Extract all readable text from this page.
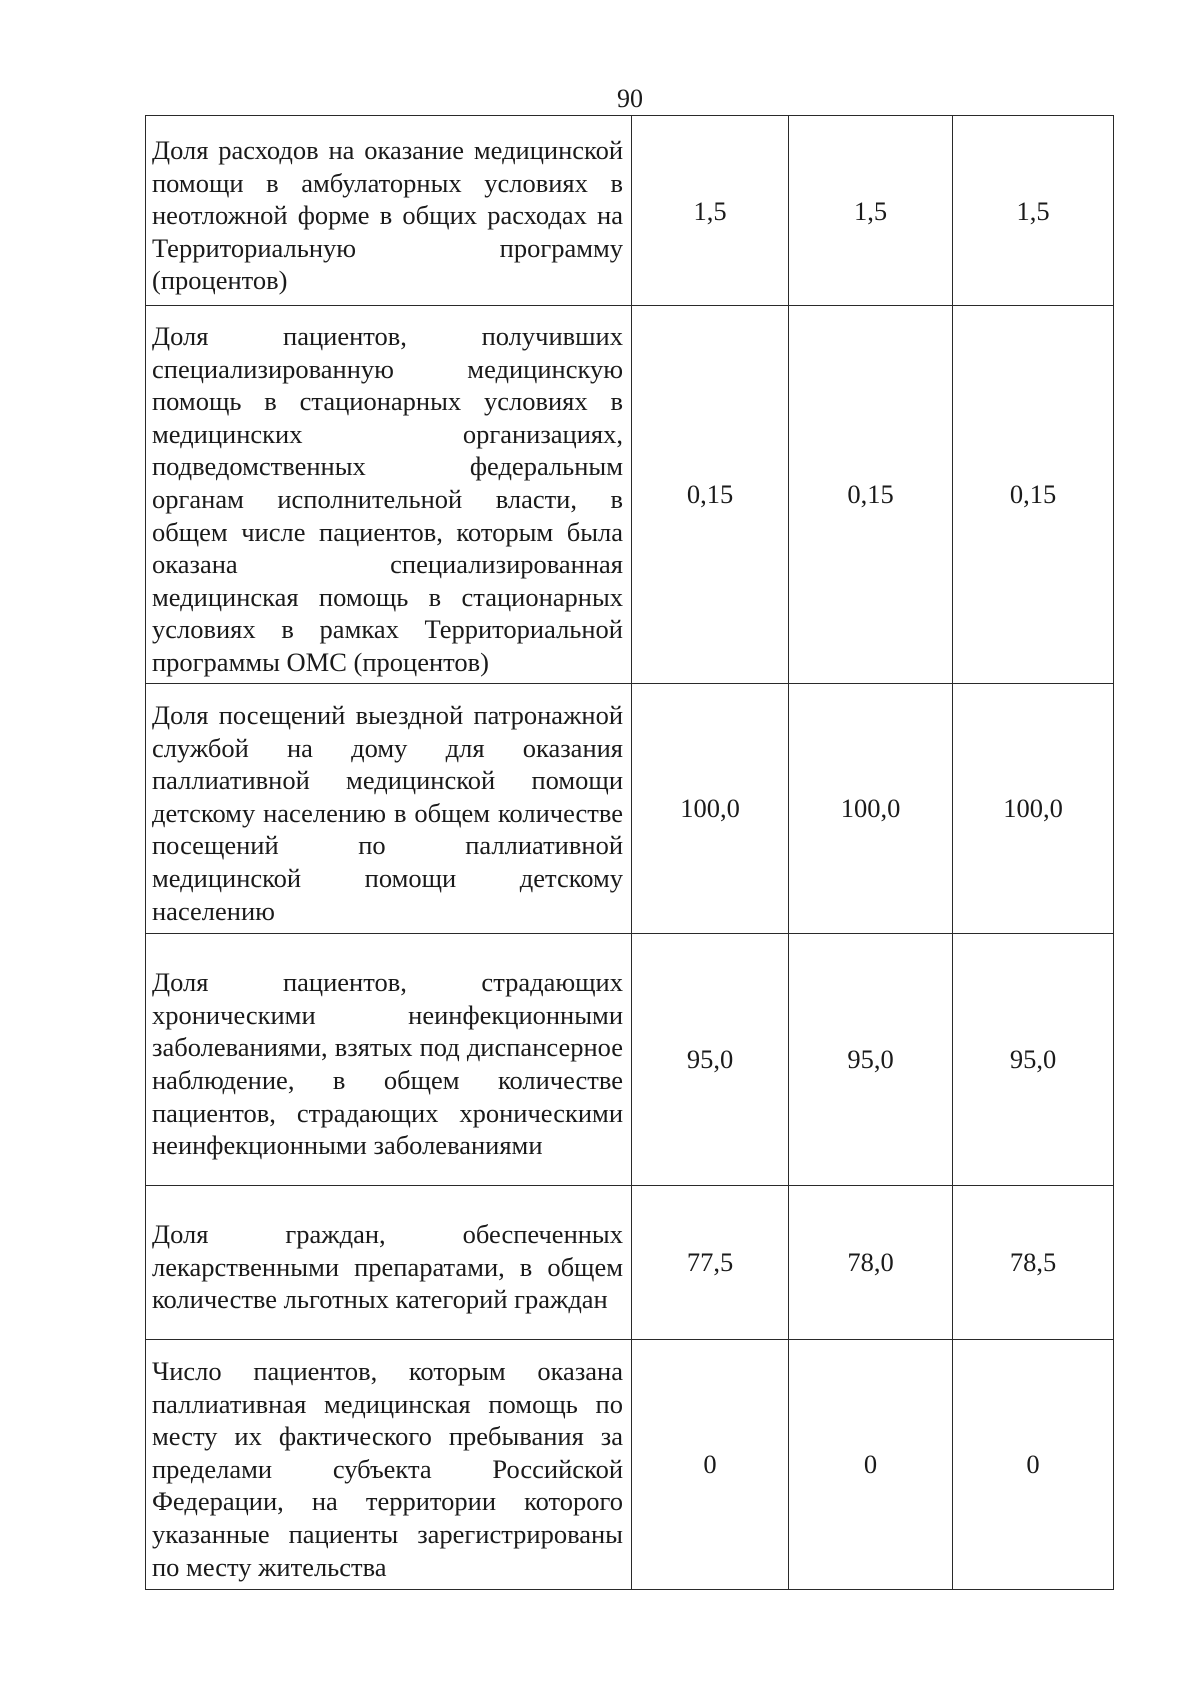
90
Доля расходов на оказание медицинской помощи в амбулаторных условиях в неотложной форме в общих расходах на Территориальную программу (процентов)	1,5	1,5	1,5
Доля пациентов, получивших специализированную медицинскую помощь в стационарных условиях в медицинских организациях, подведомственных федеральным органам исполнительной власти, в общем числе пациентов, которым была оказана специализированная медицинская помощь в стационарных условиях в рамках Территориальной программы ОМС (процентов)	0,15	0,15	0,15
Доля посещений выездной патронажной службой на дому для оказания паллиативной медицинской помощи детскому населению в общем количестве посещений по паллиативной медицинской помощи детскому населению	100,0	100,0	100,0
Доля пациентов, страдающих хроническими неинфекционными заболеваниями, взятых под диспансерное наблюдение, в общем количестве пациентов, страдающих хроническими неинфекционными заболеваниями	95,0	95,0	95,0
Доля граждан, обеспеченных лекарственными препаратами, в общем количестве льготных категорий граждан	77,5	78,0	78,5
Число пациентов, которым оказана паллиативная медицинская помощь по месту их фактического пребывания за пределами субъекта Российской Федерации, на территории которого указанные пациенты зарегистрированы по месту жительства	0	0	0
